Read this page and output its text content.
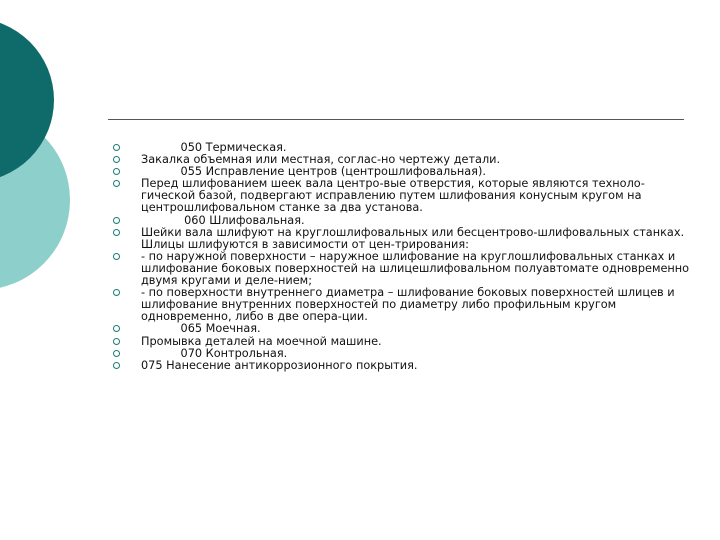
050 Термическая.
Закалка объемная или местная, соглас-но чертежу детали.
055 Исправление центров (центрошлифовальная).
Перед шлифованием шеек вала центро-вые отверстия, которые являются техноло-гической базой, подвергают исправлению путем шлифования конусным кругом на центрошлифовальном станке за два установа.
060 Шлифовальная.
Шейки вала шлифуют на круглошлифовальных или бесцентрово-шлифовальных станках. Шлицы шлифуются в зависимости от цен-трирования:
- по наружной поверхности – наружное шлифование на круглошлифовальных станках и шлифование боковых поверхностей на шлицешлифовальном полуавтомате одновременно двумя кругами и деле-нием;
- по поверхности внутреннего диаметра – шлифование боковых поверхностей шлицев и шлифование внутренних поверхностей по диаметру либо профильным кругом одновременно, либо в две опера-ции.
065 Моечная.
Промывка деталей на моечной машине.
070 Контрольная.
075 Нанесение антикоррозионного покрытия.
